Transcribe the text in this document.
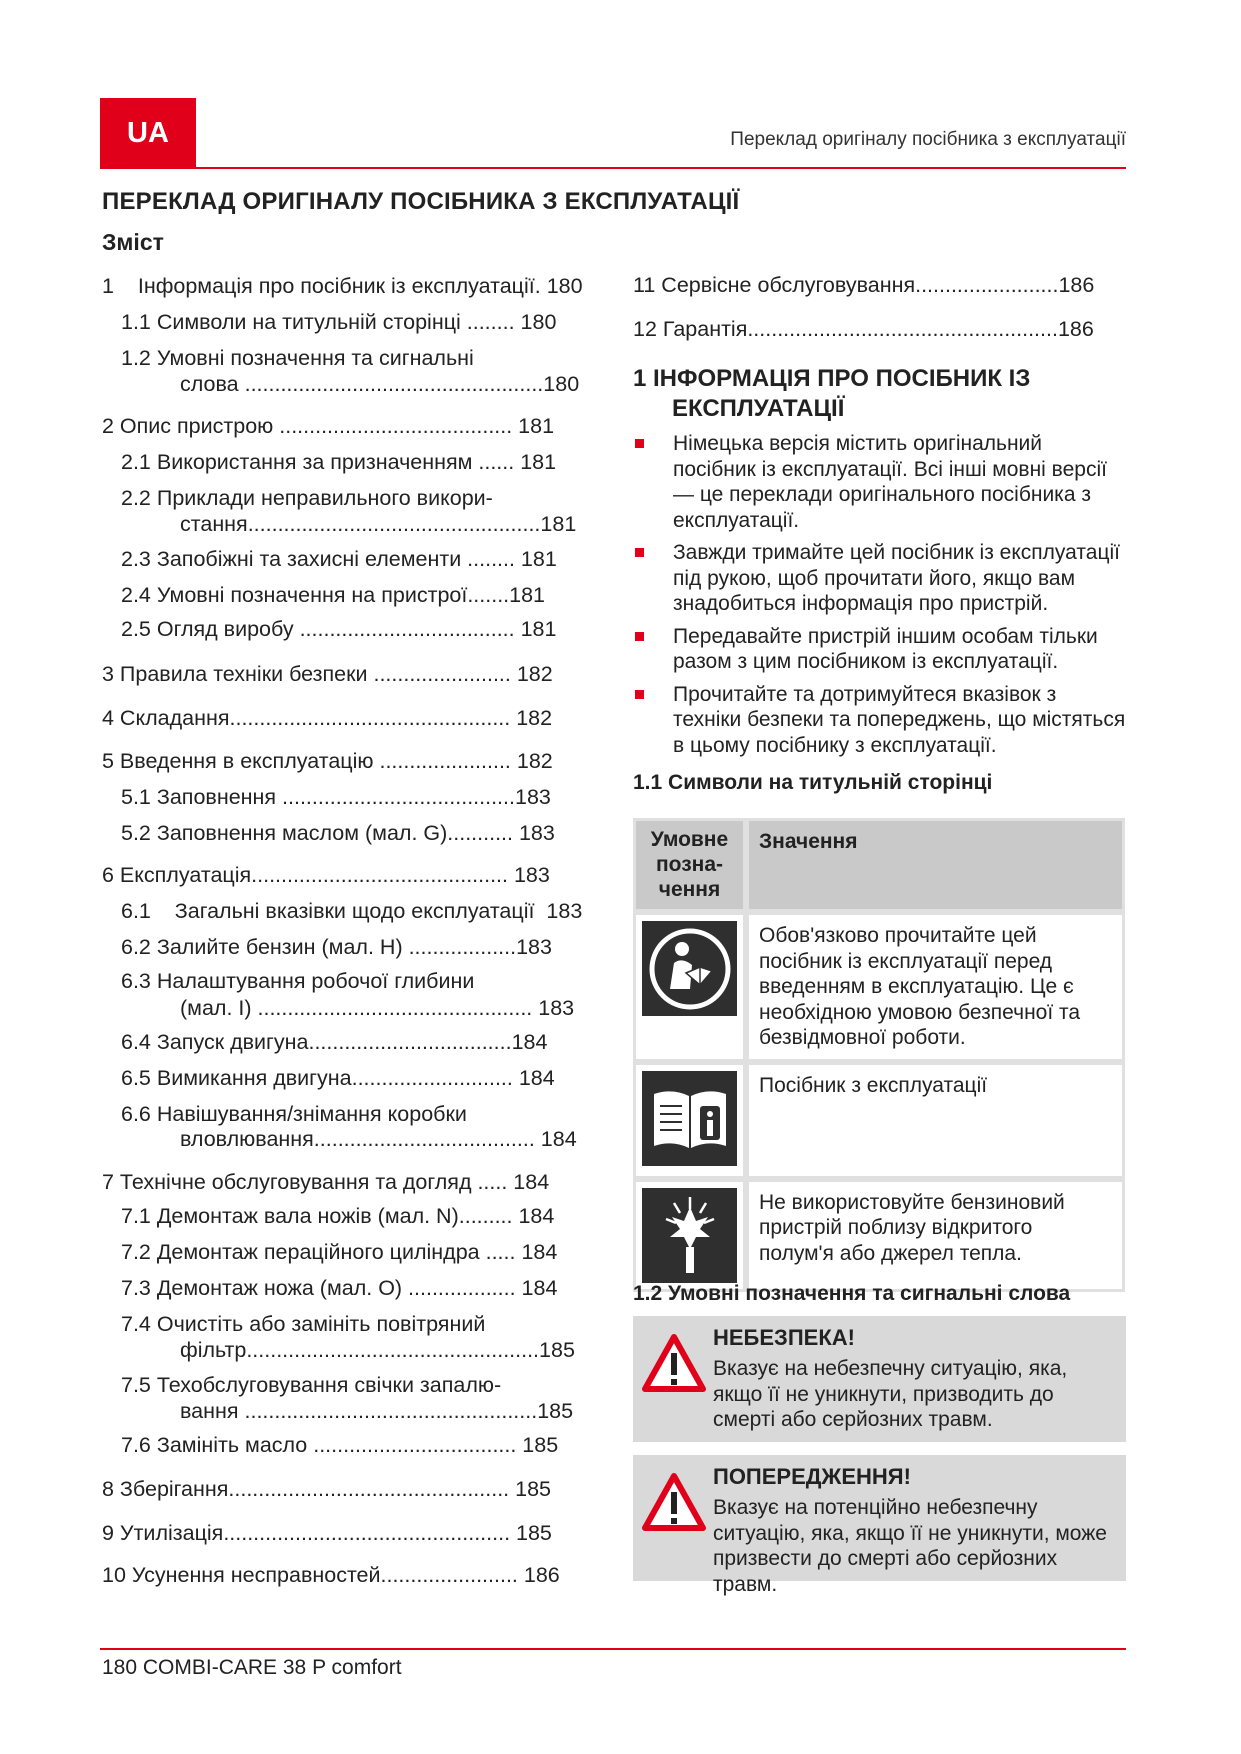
UA	Переклад оригіналу посібника з експлуатації
ПЕРЕКЛАД ОРИГІНАЛУ ПОСІБНИКА З ЕКСПЛУАТАЦІЇ
Зміст
1    Інформація про посібник із експлуатації. 180
1.1 Символи на титульній сторінці ........ 180
1.2 Умовні позначення та сигнальні
слова ..................................................180
2 Опис пристрою ....................................... 181
2.1 Використання за призначенням ...... 181
2.2 Приклади неправильного викори-
стання.................................................181
2.3 Запобіжні та захисні елементи ........ 181
2.4 Умовні позначення на пристрої.......181
2.5 Огляд виробу .................................... 181
3 Правила техніки безпеки ....................... 182
4 Складання............................................... 182
5 Введення в експлуатацію ...................... 182
5.1 Заповнення .......................................183
5.2 Заповнення маслом (мал. G)........... 183
6 Експлуатація........................................... 183
6.1    Загальні вказівки щодо експлуатації  183
6.2 Залийте бензин (мал. H) ..................183
6.3 Налаштування робочої глибини
(мал. I) .............................................. 183
6.4 Запуск двигуна..................................184
6.5 Вимикання двигуна........................... 184
6.6 Навішування/знімання коробки
вловлювання..................................... 184
7 Технічне обслуговування та догляд ..... 184
7.1 Демонтаж вала ножів (мал. N)......... 184
7.2 Демонтаж пераційного циліндра ..... 184
7.3 Демонтаж ножа (мал. O) .................. 184
7.4 Очистіть або замініть повітряний
фільтр.................................................185
7.5 Техобслуговування свічки запалю-
вання .................................................185
7.6 Замініть масло .................................. 185
8 Зберігання............................................... 185
9 Утилізація................................................ 185
10 Усунення несправностей....................... 186
11 Сервісне обслуговування........................186
12 Гарантія....................................................186
1 ІНФОРМАЦІЯ ПРО ПОСІБНИК ІЗ
ЕКСПЛУАТАЦІЇ
Німецька версія містить оригінальний посібник із експлуатації. Всі інші мовні версії — це переклади оригінального посібника з експлуатації.
Завжди тримайте цей посібник із експлуатації під рукою, щоб прочитати його, якщо вам знадобиться інформація про пристрій.
Передавайте пристрій іншим особам тільки разом з цим посібником із експлуатації.
Прочитайте та дотримуйтеся вказівок з техніки безпеки та попереджень, що містяться в цьому посібнику з експлуатації.
1.1 Символи на титульній сторінці
Умовне позна-чення	Значення

	Обов'язково прочитайте цей посібник із експлуатації перед введенням в експлуатацію. Це є необхідною умовою безпечної та безвідмовної роботи.

	Посібник з експлуатації

	Не використовуйте бензиновий пристрій поблизу відкритого полум'я або джерел тепла.
1.2 Умовні позначення та сигнальні слова
НЕБЕЗПЕКА!
Вказує на небезпечну ситуацію, яка, якщо її не уникнути, призводить до смерті або серйозних травм.
ПОПЕРЕДЖЕННЯ!
Вказує на потенційно небезпечну ситуацію, яка, якщо її не уникнути, може призвести до смерті або серйозних травм.
180 COMBI-CARE 38 P comfort
